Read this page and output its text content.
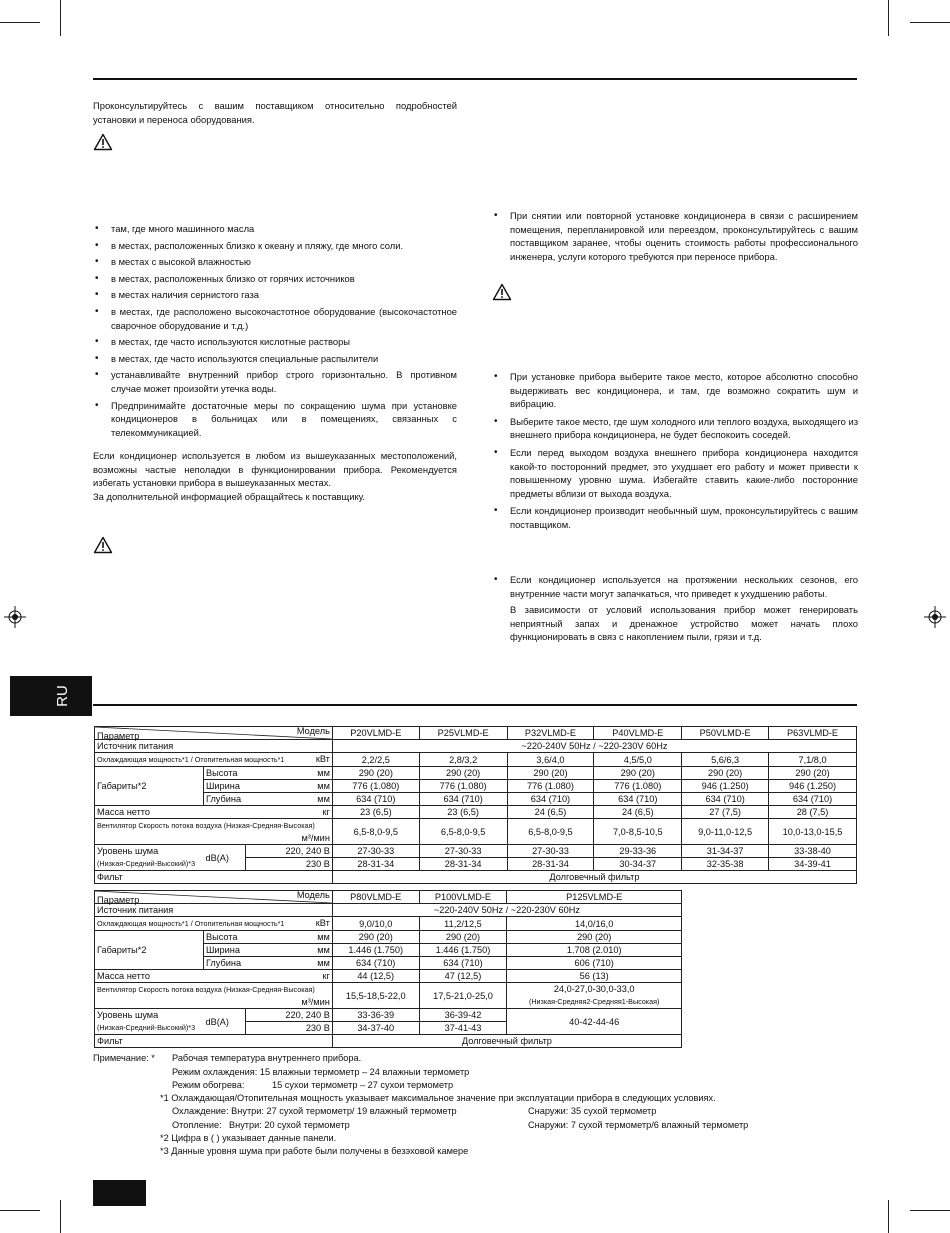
Проконсультируйтесь с вашим поставщиком относительно подробностей установки и переноса оборудования.

• там, где много машинного масла
• в местах, расположенных близко к океану и пляжу, где много соли.
• в местах с высокой влажностью
• в местах, расположенных близко от горячих источников
• в местах наличия сернистого газа
• в местах, где расположено высокочастотное оборудование (высокочастотное сварочное оборудование и т.д.)
• в местах, где часто используются кислотные растворы
• в местах, где часто используются специальные распылители
• устанавливайте внутренний прибор строго горизонтально. В противном случае может произойти утечка воды.
• Предпринимайте достаточные меры по сокращению шума при установке кондиционеров в больницах или в помещениях, связанных с телекоммуникацией.

Если кондиционер используется в любом из вышеуказанных местоположений, возможны частые неполадки в функционировании прибора. Рекомендуется избегать установки прибора в вышеуказанных местах.

За дополнительной информацией обращайтесь к поставщику.

• При снятии или повторной установке кондиционера в связи с расширением помещения, перепланировкой или переездом, проконсультируйтесь с вашим поставщиком заранее, чтобы оценить стоимость работы профессионального инженера, услуги которого требуются при переносе прибора.
• При установке прибора выберите такое место, которое абсолютно способно выдерживать вес кондиционера, и там, где возможно сократить шум и вибрацию.
• Выберите такое место, где шум холодного или теплого воздуха, выходящего из внешнего прибора кондиционера, не будет беспокоить соседей.
• Если перед выходом воздуха внешнего прибора кондиционера находится какой-то посторонний предмет, это ухудшает его работу и может привести к повышенному уровню шума. Избегайте ставить какие-либо посторонние предметы вблизи от выхода воздуха.
• Если кондиционер производит необычный шум, проконсультируйтесь с вашим поставщиком.
• Если кондиционер используется на протяжении нескольких сезонов, его внутренние части могут запачкаться, что приведет к ухудшению работы.

В зависимости от условий использования прибор может генерировать неприятный запах и дренажное устройство может начать плохо функционировать в связ с накоплением пыли, грязи и т.д.

RU
Параметр Модель				P20VLMD-E	P25VLMD-E	P32VLMD-E	P40VLMD-E	P50VLMD-E	P63VLMD-E
Источник питания				~220-240V 50Hz / ~220-230V 60Hz					
Охлаждающая мощность*1 / Отопительная мощность*1 кВт				2,2/2,5	2,8/3,2	3,6/4,0	4,5/5,0	5,6/6,3	7,1/8,0
Габариты*2	Высота		мм	290 (20)	290 (20)	290 (20)	290 (20)	290 (20)	290 (20)
	Ширина		мм	776 (1.080)	776 (1.080)	776 (1.080)	776 (1.080)	946 (1.250)	946 (1.250)
	Глубина		мм	634 (710)	634 (710)	634 (710)	634 (710)	634 (710)	634 (710)
Масса нетто			кг	23 (6,5)	23 (6,5)	24 (6,5)	24 (6,5)	27 (7,5)	28 (7,5)
Вентилятор Скорость потока воздуха (Низкая-Средняя-Высокая)
м³/мин				6,5-8,0-9,5	6,5-8,0-9,5	6,5-8,0-9,5	7,0-8,5-10,5	9,0-11,0-12,5	10,0-13,0-15,5
Уровень шума
(Низкая-Средний-Высокий)*3	dB(A)	220, 240 В		27-30-33	27-30-33	27-30-33	29-33-36	31-34-37	33-38-40
		230 В		28-31-34	28-31-34	28-31-34	30-34-37	32-35-38	34-39-41
Фильт				Долговечный фильтр					
Параметр Модель				P80VLMD-E	P100VLMD-E	P125VLMD-E
Источник питания				~220-240V 50Hz / ~220-230V 60Hz		
Охлаждающая мощность*1 / Отопительная мощность*1 кВт				9,0/10,0	11,2/12,5	14,0/16,0
Габариты*2	Высота		мм	290 (20)	290 (20)	290 (20)
	Ширина		мм	1.446 (1.750)	1.446 (1.750)	1.708 (2.010)
	Глубина		мм	634 (710)	634 (710)	606 (710)
Масса нетто			кг	44 (12,5)	47 (12,5)	56 (13)
Вентилятор Скорость потока воздуха (Низкая-Средняя-Высокая)
м³/мин				15,5-18,5-22,0	17,5-21,0-25,0	24,0-27,0-30,0-33,0
(Низкая-Средняя2-Средняя1-Высокая)
Уровень шума
(Низкая-Средний-Высокий)*3	dB(A)	220, 240 В		33-36-39	36-39-42	40-42-44-46
		230 В		34-37-40	37-41-43	
Фильт				Долговечный фильтр		
Примечание: * Рабочая температура внутреннего прибора.
Режим охлаждения: 15 влажныи термометр – 24 влажныи термометр
Режим обогрева:	15 сухои термометр – 27 сухои термометр
*1 Охлаждающая/Отопительная мощность указывает максимальное значение при эксплуатации прибора в следующих условиях.
Охлаждение: Внутри: 27 сухой термометр/ 19 влажный термометр	Снаружи: 35 сухой термометр
Отопление: Внутри: 20 сухой термометр	Снаружи: 7 сухой термометр/6 влажный термометр
*2 Цифра в ( ) указывает данные панели.
*3 Данные уровня шума при работе были получены в безэховой камере
